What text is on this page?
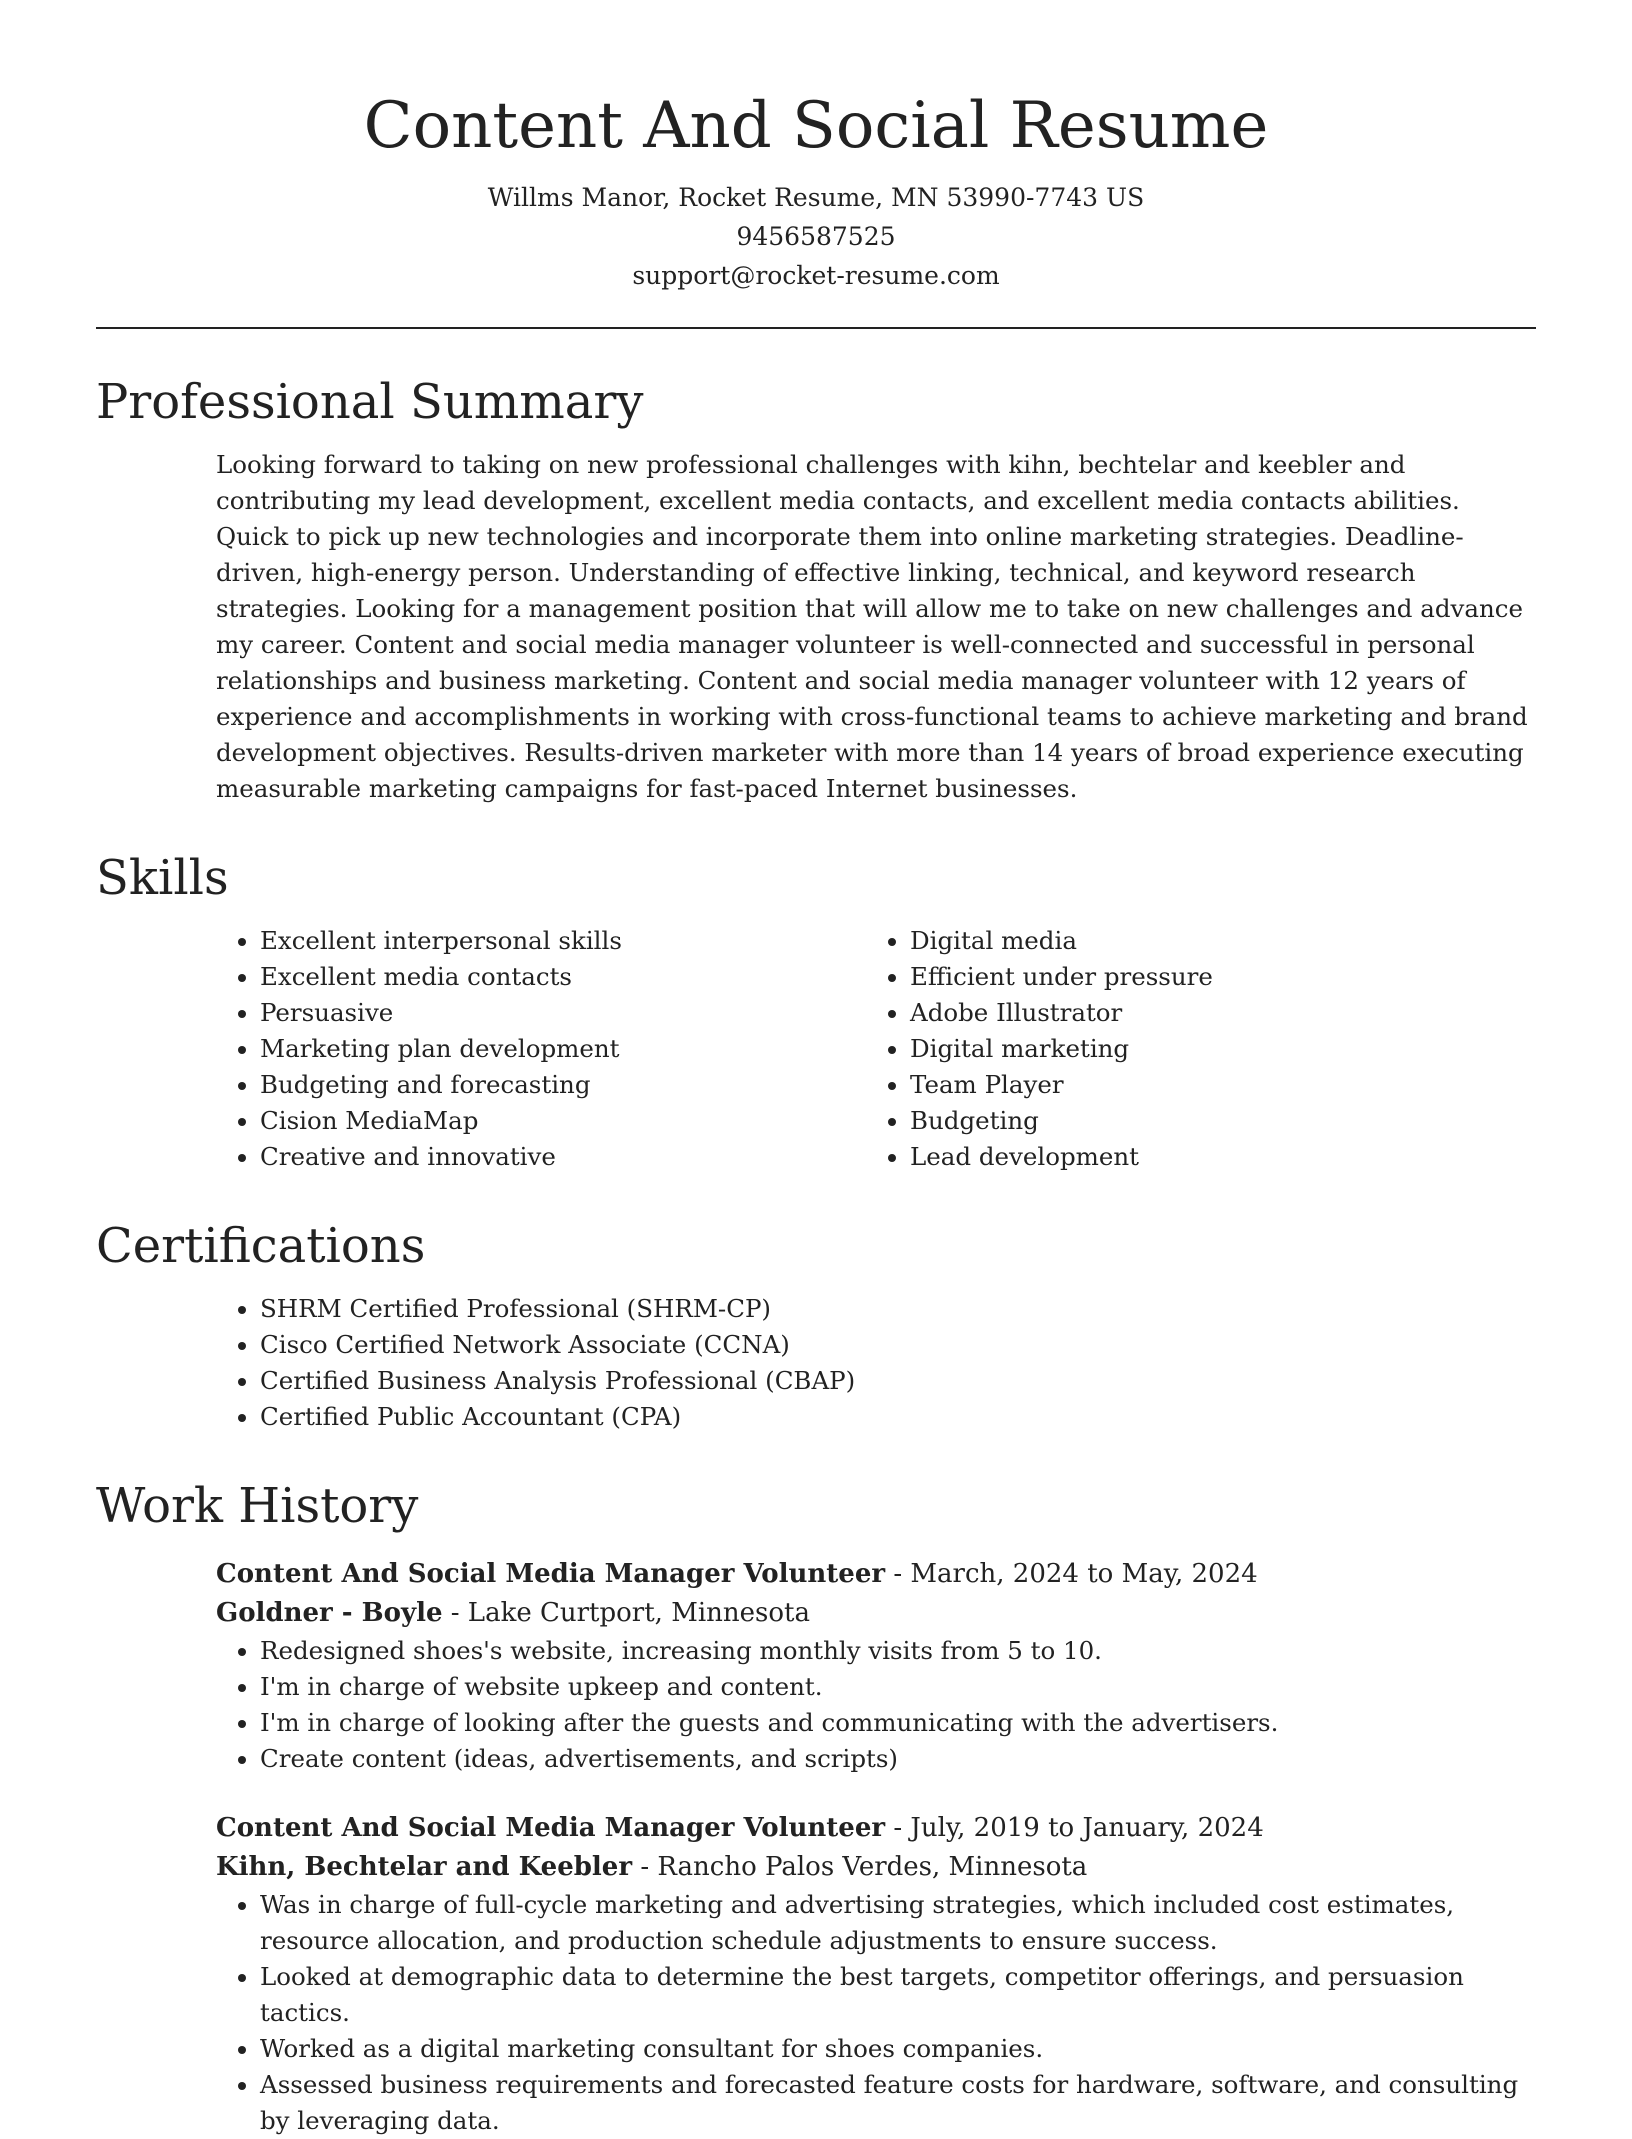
Content And Social Resume
Willms Manor, Rocket Resume, MN 53990-7743 US
9456587525
support@rocket-resume.com
Professional Summary

Looking forward to taking on new professional challenges with kihn, bechtelar and keebler and contributing my lead development, excellent media contacts, and excellent media contacts abilities. Quick to pick up new technologies and incorporate them into online marketing strategies. Deadline-driven, high-energy person. Understanding of effective linking, technical, and keyword research strategies. Looking for a management position that will allow me to take on new challenges and advance my career. Content and social media manager volunteer is well-connected and successful in personal relationships and business marketing. Content and social media manager volunteer with 12 years of experience and accomplishments in working with cross-functional teams to achieve marketing and brand development objectives. Results-driven marketer with more than 14 years of broad experience executing measurable marketing campaigns for fast-paced Internet businesses.

Skills
• Excellent interpersonal skills
• Excellent media contacts
• Persuasive
• Marketing plan development
• Budgeting and forecasting
• Cision MediaMap
• Creative and innovative
• Digital media
• Efficient under pressure
• Adobe Illustrator
• Digital marketing
• Team Player
• Budgeting
• Lead development
Certifications
• SHRM Certified Professional (SHRM-CP)
• Cisco Certified Network Associate (CCNA)
• Certified Business Analysis Professional (CBAP)
• Certified Public Accountant (CPA)
Work History
Content And Social Media Manager Volunteer - March, 2024 to May, 2024
Goldner - Boyle - Lake Curtport, Minnesota
• Redesigned shoes's website, increasing monthly visits from 5 to 10.
• I'm in charge of website upkeep and content.
• I'm in charge of looking after the guests and communicating with the advertisers.
• Create content (ideas, advertisements, and scripts)
Content And Social Media Manager Volunteer - July, 2019 to January, 2024
Kihn, Bechtelar and Keebler - Rancho Palos Verdes, Minnesota
• Was in charge of full-cycle marketing and advertising strategies, which included cost estimates, resource allocation, and production schedule adjustments to ensure success.
• Looked at demographic data to determine the best targets, competitor offerings, and persuasion tactics.
• Worked as a digital marketing consultant for shoes companies.
• Assessed business requirements and forecasted feature costs for hardware, software, and consulting by leveraging data.
